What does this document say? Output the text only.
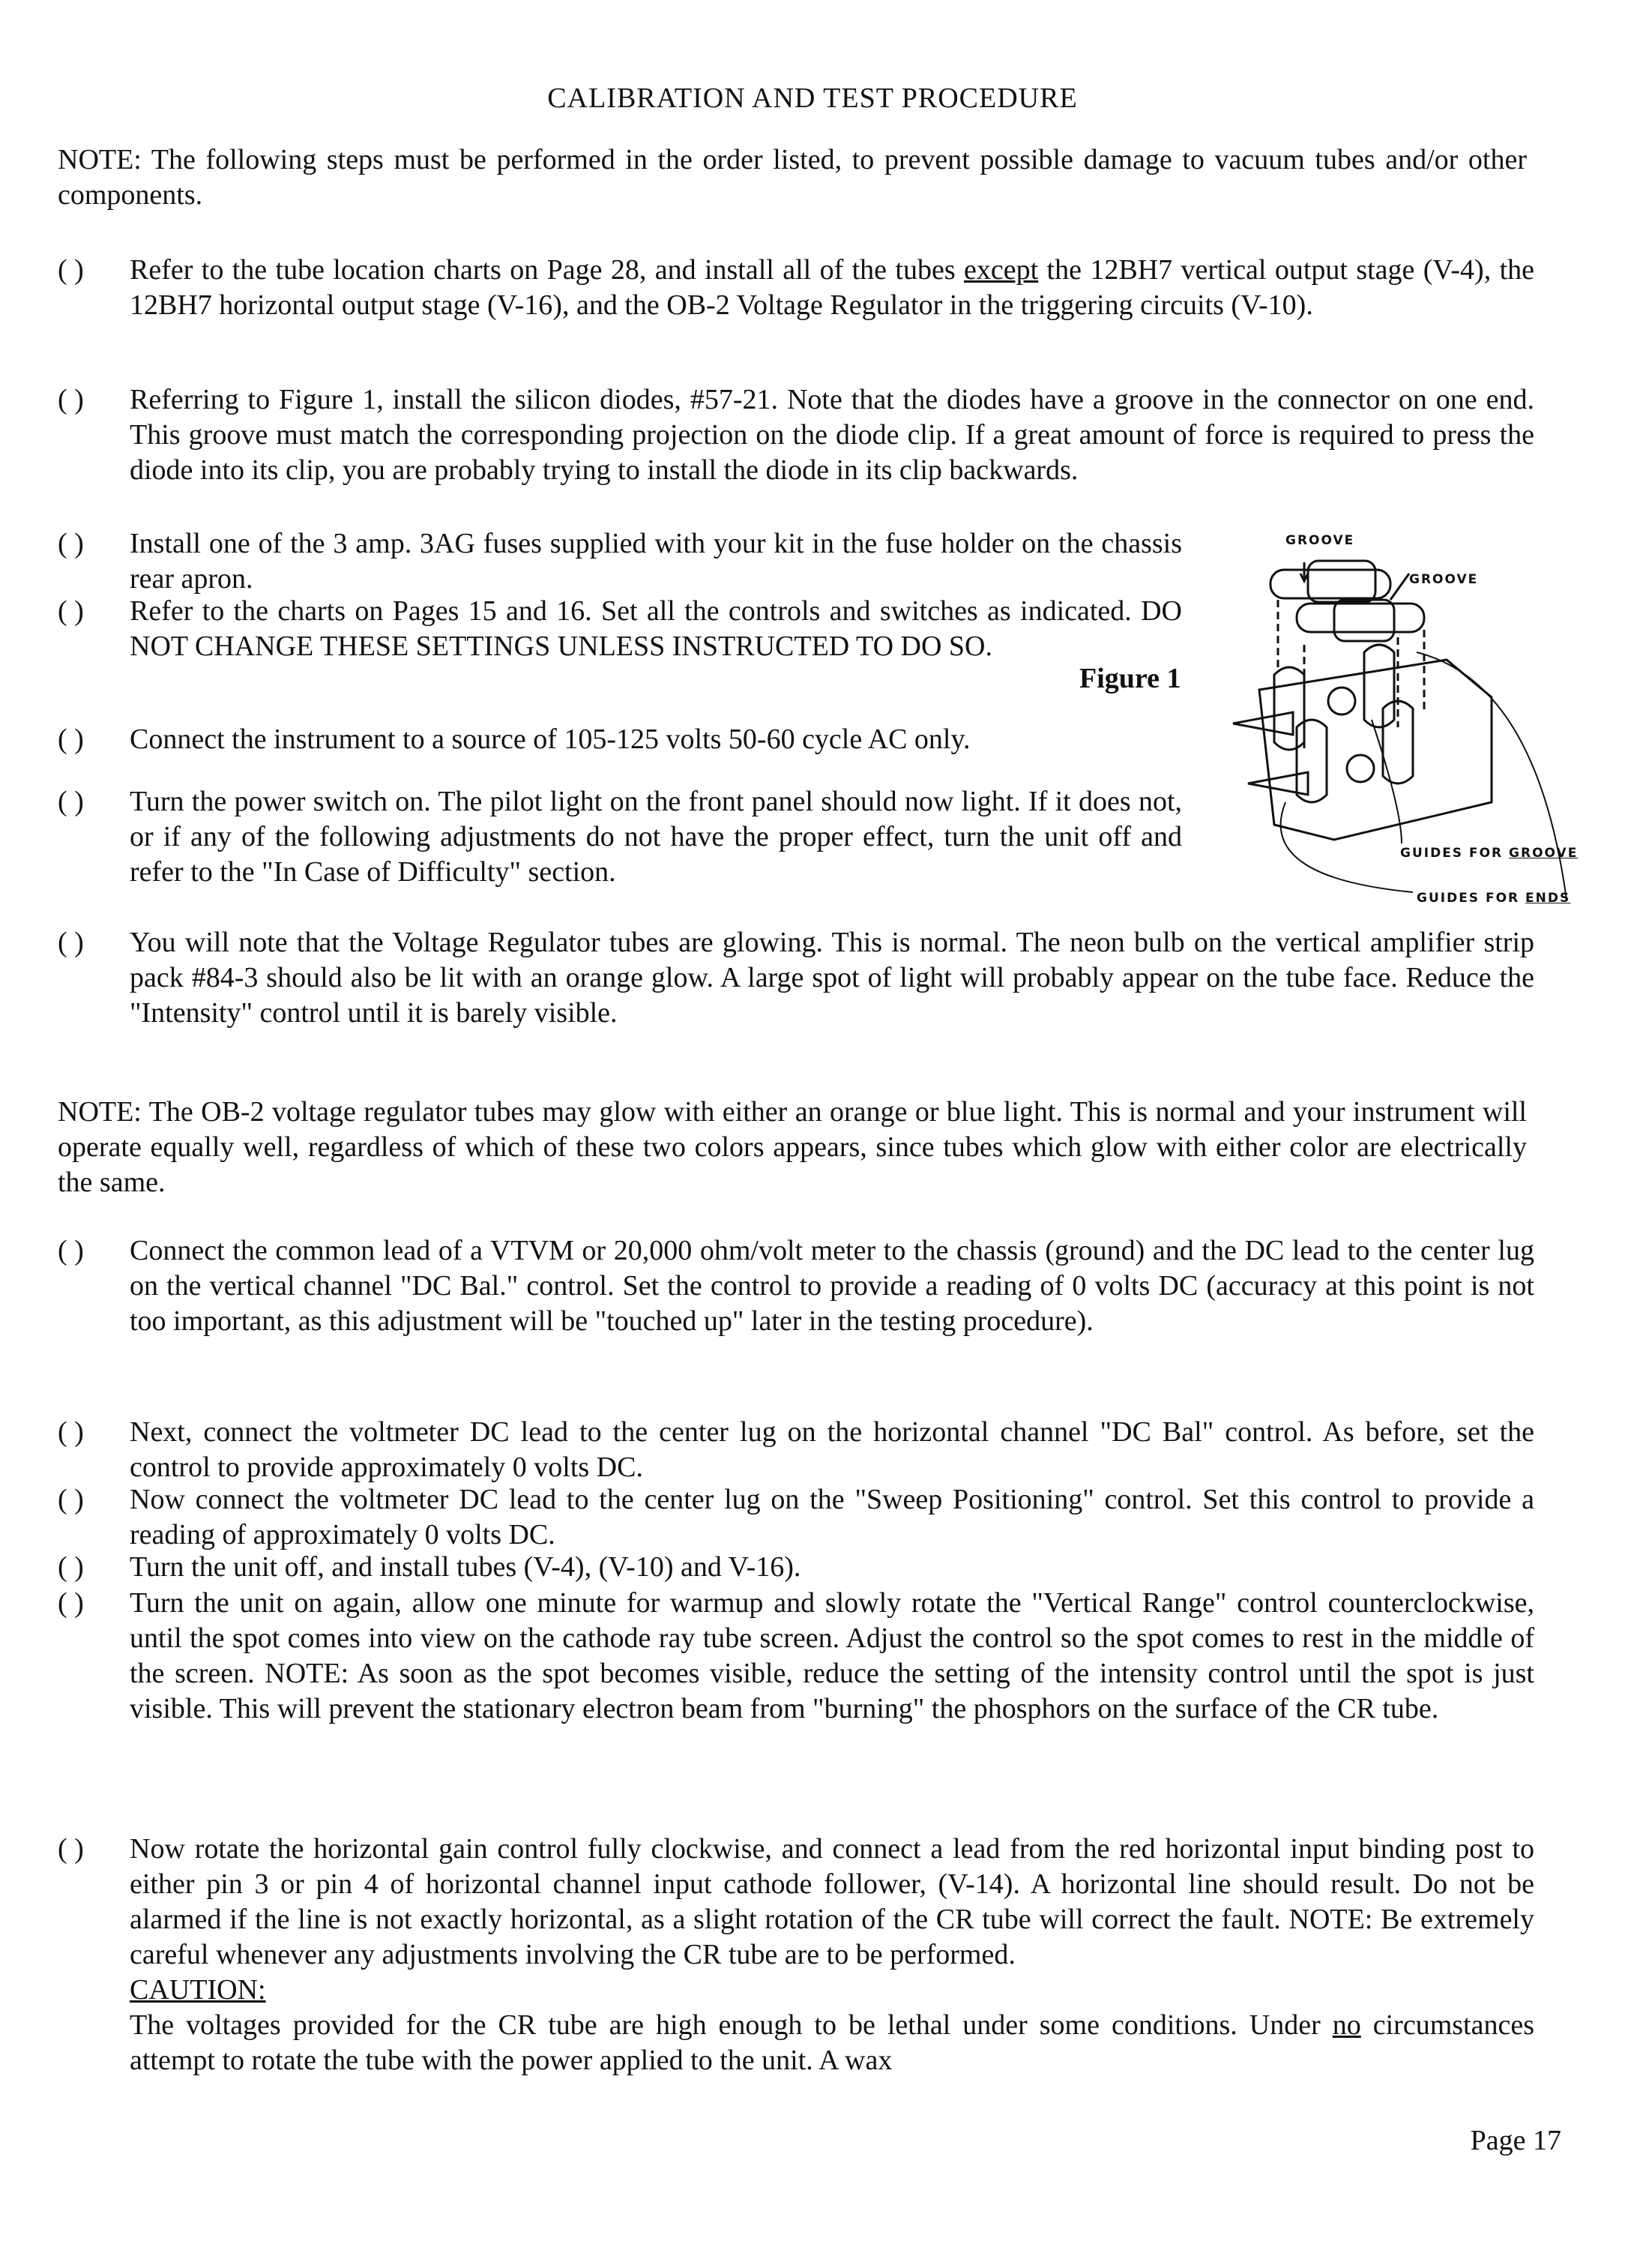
CALIBRATION AND TEST PROCEDURE
NOTE: The following steps must be performed in the order listed, to prevent possible damage to vacuum tubes and/or other components.
( )	Refer to the tube location charts on Page 28, and install all of the tubes except the 12BH7 vertical output stage (V-4), the 12BH7 horizontal output stage (V-16), and the OB-2 Voltage Regulator in the triggering circuits (V-10).
( )	Referring to Figure 1, install the silicon diodes, #57-21. Note that the diodes have a groove in the connector on one end. This groove must match the corresponding projection on the diode clip. If a great amount of force is required to press the diode into its clip, you are probably trying to install the diode in its clip backwards.
( )	Install one of the 3 amp. 3AG fuses supplied with your kit in the fuse holder on the chassis rear apron.
( )	Refer to the charts on Pages 15 and 16. Set all the controls and switches as indicated. DO NOT CHANGE THESE SETTINGS UNLESS INSTRUCTED TO DO SO.
Figure 1
( )	Connect the instrument to a source of 105-125 volts 50-60 cycle AC only.
( )	Turn the power switch on. The pilot light on the front panel should now light. If it does not, or if any of the following adjustments do not have the proper effect, turn the unit off and refer to the "In Case of Difficulty" section.
( )	You will note that the Voltage Regulator tubes are glowing. This is normal. The neon bulb on the vertical amplifier strip pack #84-3 should also be lit with an orange glow. A large spot of light will probably appear on the tube face. Reduce the "Intensity" control until it is barely visible.
NOTE: The OB-2 voltage regulator tubes may glow with either an orange or blue light. This is normal and your instrument will operate equally well, regardless of which of these two colors appears, since tubes which glow with either color are electrically the same.
( )	Connect the common lead of a VTVM or 20,000 ohm/volt meter to the chassis (ground) and the DC lead to the center lug on the vertical channel "DC Bal." control. Set the control to provide a reading of 0 volts DC (accuracy at this point is not too important, as this adjustment will be "touched up" later in the testing procedure).
( )	Next, connect the voltmeter DC lead to the center lug on the horizontal channel "DC Bal" control. As before, set the control to provide approximately 0 volts DC.
( )	Now connect the voltmeter DC lead to the center lug on the "Sweep Positioning" control. Set this control to provide a reading of approximately 0 volts DC.
( )	Turn the unit off, and install tubes (V-4), (V-10) and V-16).
( )	Turn the unit on again, allow one minute for warmup and slowly rotate the "Vertical Range" control counterclockwise, until the spot comes into view on the cathode ray tube screen. Adjust the control so the spot comes to rest in the middle of the screen. NOTE: As soon as the spot becomes visible, reduce the setting of the intensity control until the spot is just visible. This will prevent the stationary electron beam from "burning" the phosphors on the surface of the CR tube.
( )	Now rotate the horizontal gain control fully clockwise, and connect a lead from the red horizontal input binding post to either pin 3 or pin 4 of horizontal channel input cathode follower, (V-14). A horizontal line should result. Do not be alarmed if the line is not exactly horizontal, as a slight rotation of the CR tube will correct the fault. NOTE: Be extremely careful whenever any adjustments involving the CR tube are to be performed.
CAUTION:
The voltages provided for the CR tube are high enough to be lethal under some conditions. Under no circumstances attempt to rotate the tube with the power applied to the unit. A wax
GROOVE
GROOVE
GUIDES FOR GROOVE
GUIDES FOR ENDS
Page 17
